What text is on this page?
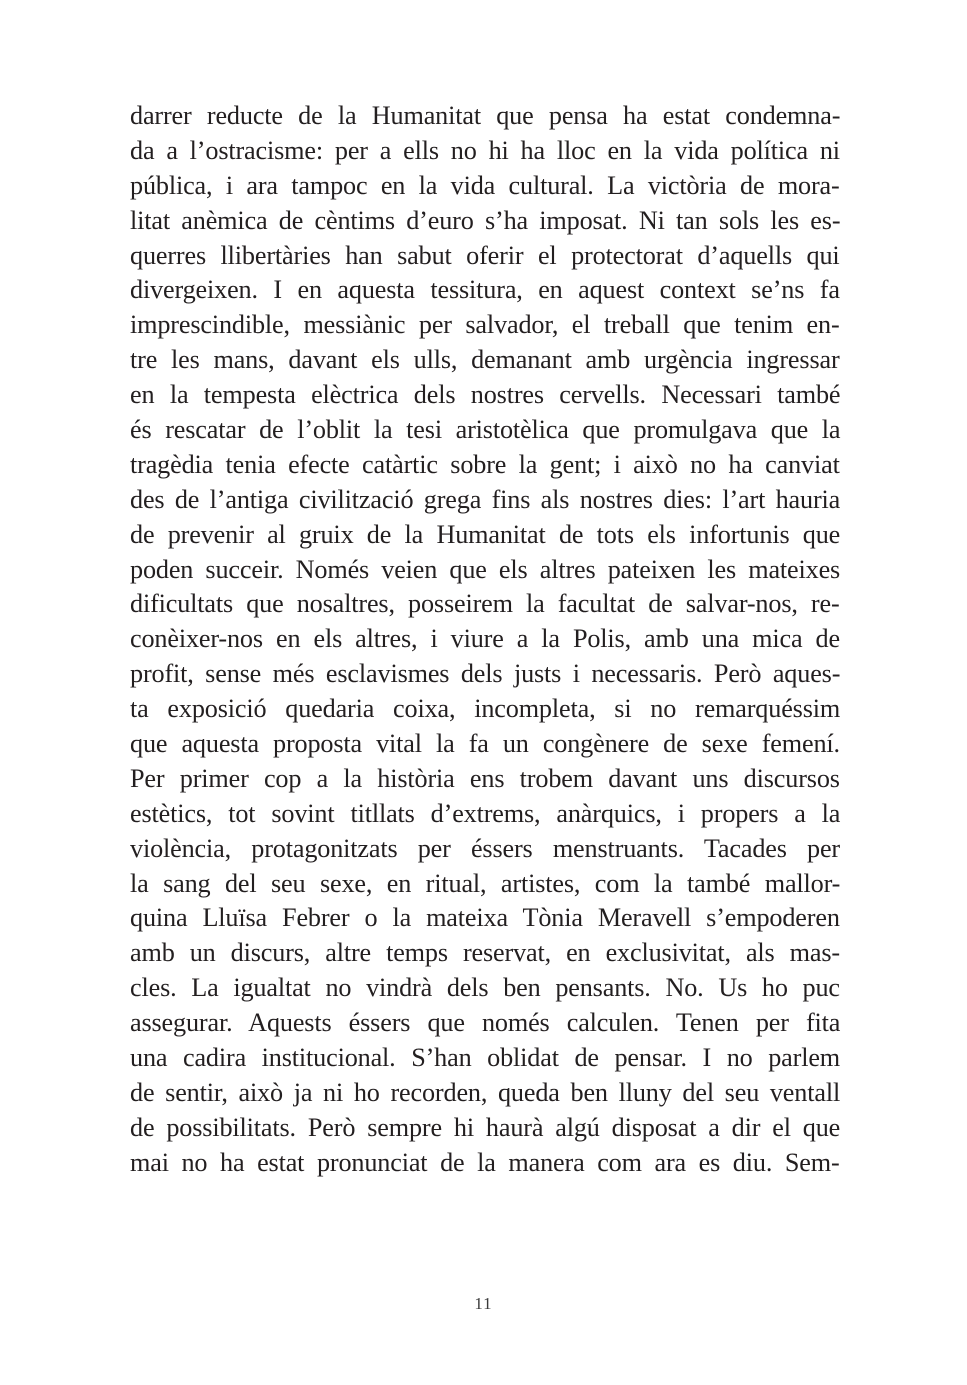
darrer reducte de la Humanitat que pensa ha estat condemna-
da a l’ostracisme: per a ells no hi ha lloc en la vida política ni
pública, i ara tampoc en la vida cultural. La victòria de mora-
litat anèmica de cèntims d’euro s’ha imposat. Ni tan sols les es-
querres llibertàries han sabut oferir el protectorat d’aquells qui
divergeixen. I en aquesta tessitura, en aquest context se’ns fa
imprescindible, messiànic per salvador, el treball que tenim en-
tre les mans, davant els ulls, demanant amb urgència ingressar
en la tempesta elèctrica dels nostres cervells. Necessari també
és rescatar de l’oblit la tesi aristotèlica que promulgava que la
tragèdia tenia efecte catàrtic sobre la gent; i això no ha canviat
des de l’antiga civilització grega fins als nostres dies: l’art hauria
de prevenir al gruix de la Humanitat de tots els infortunis que
poden succeir. Només veien que els altres pateixen les mateixes
dificultats que nosaltres, posseirem la facultat de salvar-nos, re-
conèixer-nos en els altres, i viure a la Polis, amb una mica de
profit, sense més esclavismes dels justs i necessaris. Però aques-
ta exposició quedaria coixa, incompleta, si no remarquéssim
que aquesta proposta vital la fa un congènere de sexe femení.
Per primer cop a la història ens trobem davant uns discursos
estètics, tot sovint titllats d’extrems, anàrquics, i propers a la
violència, protagonitzats per éssers menstruants. Tacades per
la sang del seu sexe, en ritual, artistes, com la també mallor-
quina Lluïsa Febrer o la mateixa Tònia Meravell s’empoderen
amb un discurs, altre temps reservat, en exclusivitat, als mas-
cles. La igualtat no vindrà dels ben pensants. No. Us ho puc
assegurar. Aquests éssers que només calculen. Tenen per fita
una cadira institucional. S’han oblidat de pensar. I no parlem
de sentir, això ja ni ho recorden, queda ben lluny del seu ventall
de possibilitats. Però sempre hi haurà algú disposat a dir el que
mai no ha estat pronunciat de la manera com ara es diu. Sem-
11
